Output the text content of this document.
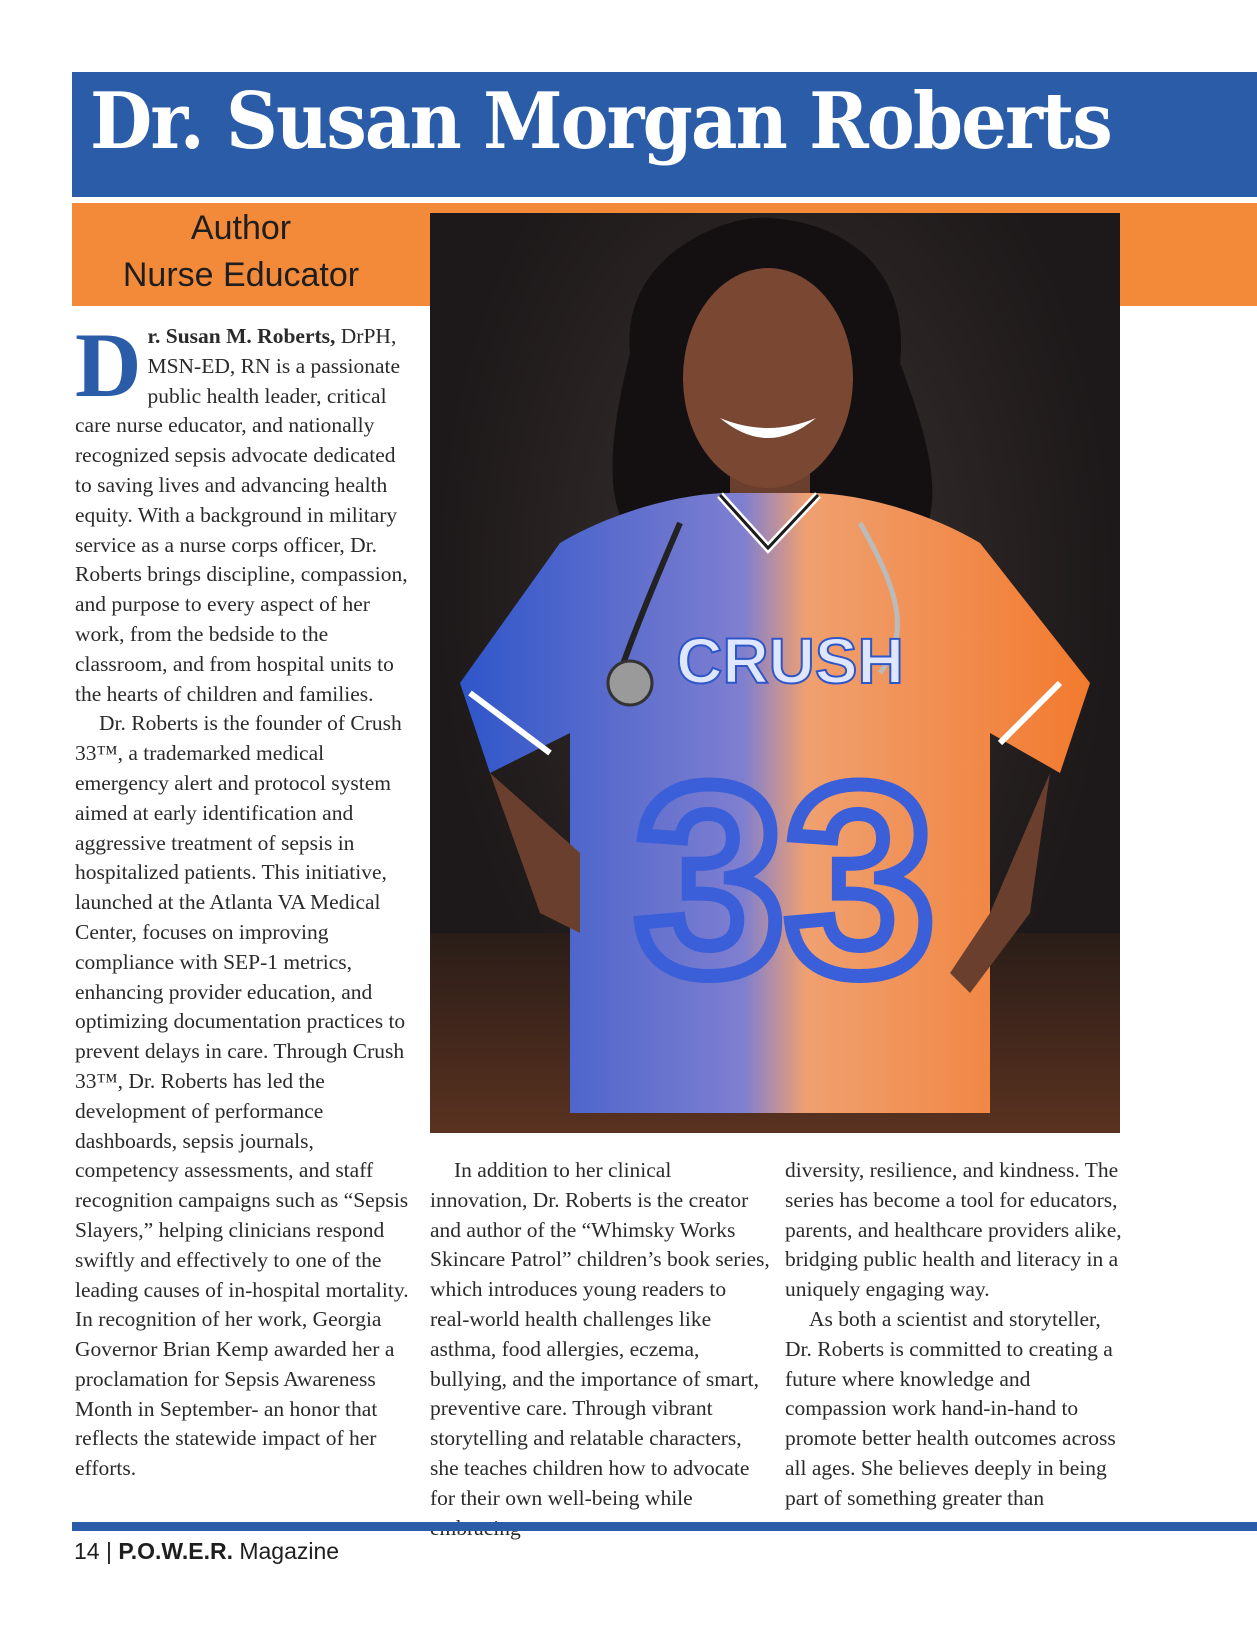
Dr. Susan Morgan Roberts
Author
Nurse Educator
CRUSH
33

Dr. Susan M. Roberts, DrPH, MSN-ED, RN is a passionate public health leader, critical care nurse educator, and nationally recognized sepsis advocate dedicated to saving lives and advancing health equity. With a background in military service as a nurse corps officer, Dr. Roberts brings discipline, compassion, and purpose to every aspect of her work, from the bedside to the classroom, and from hospital units to the hearts of children and families.

Dr. Roberts is the founder of Crush 33™, a trademarked medical emergency alert and protocol system aimed at early identification and aggressive treatment of sepsis in hospitalized patients. This initiative, launched at the Atlanta VA Medical Center, focuses on improving compliance with SEP-1 metrics, enhancing provider education, and optimizing documentation practices to prevent delays in care. Through Crush 33™, Dr. Roberts has led the development of performance dashboards, sepsis journals, competency assessments, and staff recognition campaigns such as “Sepsis Slayers,” helping clinicians respond swiftly and effectively to one of the leading causes of in-hospital mortality. In recognition of her work, Georgia Governor Brian Kemp awarded her a proclamation for Sepsis Awareness Month in September- an honor that reflects the statewide impact of her efforts.

In addition to her clinical innovation, Dr. Roberts is the creator and author of the “Whimsky Works Skincare Patrol” children’s book series, which introduces young readers to real-world health challenges like asthma, food allergies, eczema, bullying, and the importance of smart, preventive care. Through vibrant storytelling and relatable characters, she teaches children how to advocate for their own well-being while

diversity, resilience, and kindness. The series has become a tool for educators, parents, and healthcare providers alike, bridging public health and literacy in a uniquely engaging way.

As both a scientist and storyteller, Dr. Roberts is committed to creating a future where knowledge and compassion work hand-in-hand to promote better health outcomes across all ages. She believes deeply in being part of something greater than

14 | P.O.W.E.R. Magazine
